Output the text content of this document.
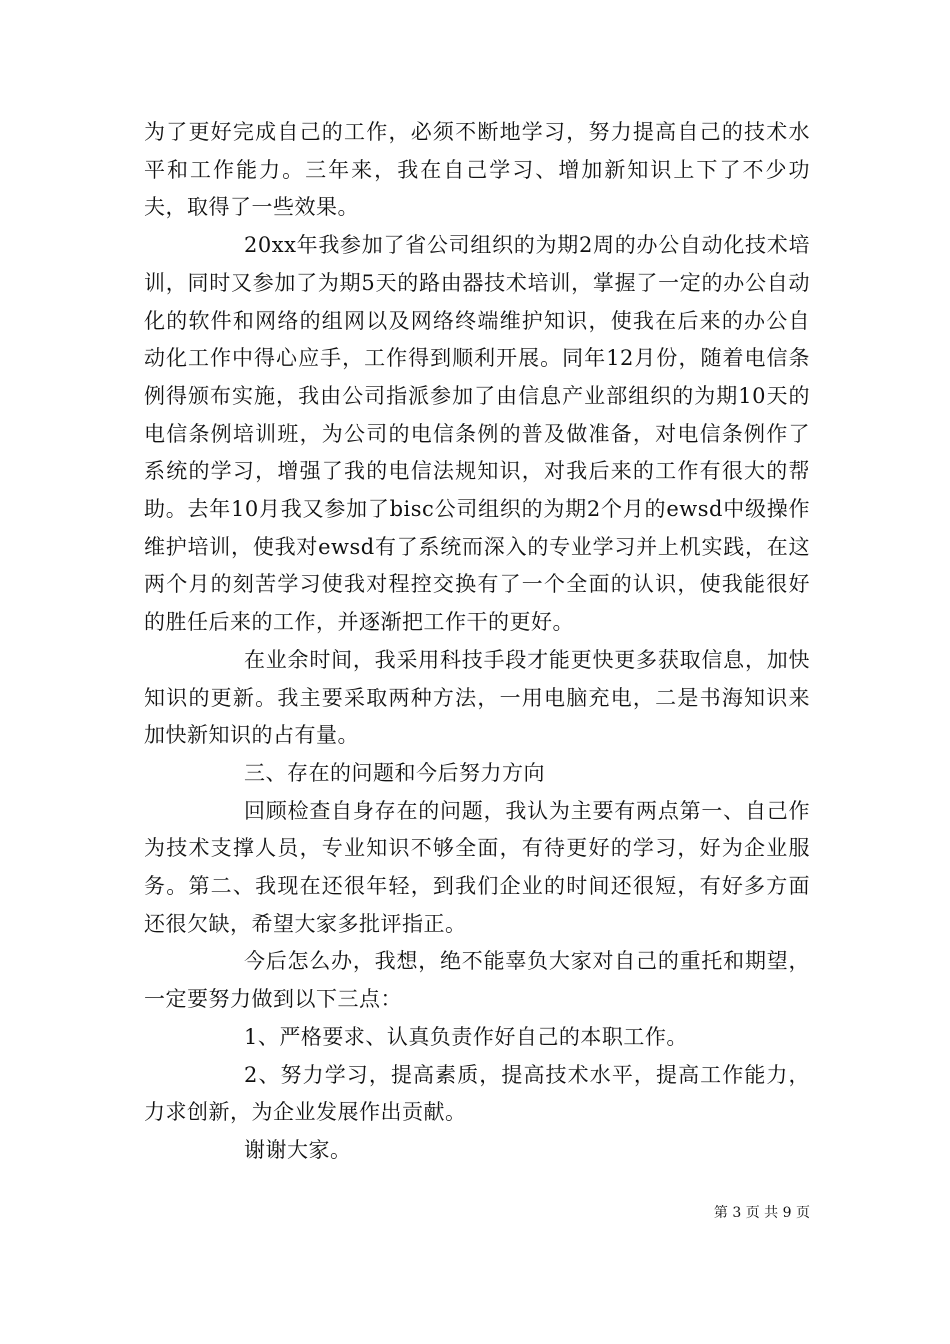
为了更好完成自己的工作，必须不断地学习，努力提高自己的技术水平和工作能力。三年来，我在自己学习、增加新知识上下了不少功夫，取得了一些效果。

20xx年我参加了省公司组织的为期2周的办公自动化技术培训，同时又参加了为期5天的路由器技术培训，掌握了一定的办公自动化的软件和网络的组网以及网络终端维护知识，使我在后来的办公自动化工作中得心应手，工作得到顺利开展。同年12月份，随着电信条例得颁布实施，我由公司指派参加了由信息产业部组织的为期10天的电信条例培训班，为公司的电信条例的普及做准备，对电信条例作了系统的学习，增强了我的电信法规知识，对我后来的工作有很大的帮助。去年10月我又参加了bisc公司组织的为期2个月的ewsd中级操作维护培训，使我对ewsd有了系统而深入的专业学习并上机实践，在这两个月的刻苦学习使我对程控交换有了一个全面的认识，使我能很好的胜任后来的工作，并逐渐把工作干的更好。

在业余时间，我采用科技手段才能更快更多获取信息，加快知识的更新。我主要采取两种方法，一用电脑充电，二是书海知识来加快新知识的占有量。

三、存在的问题和今后努力方向

回顾检查自身存在的问题，我认为主要有两点第一、自己作为技术支撑人员，专业知识不够全面，有待更好的学习，好为企业服务。第二、我现在还很年轻，到我们企业的时间还很短，有好多方面还很欠缺，希望大家多批评指正。

今后怎么办，我想，绝不能辜负大家对自己的重托和期望，一定要努力做到以下三点：

1、严格要求、认真负责作好自己的本职工作。

2、努力学习，提高素质，提高技术水平，提高工作能力，力求创新，为企业发展作出贡献。

谢谢大家。

第 3 页 共 9 页
